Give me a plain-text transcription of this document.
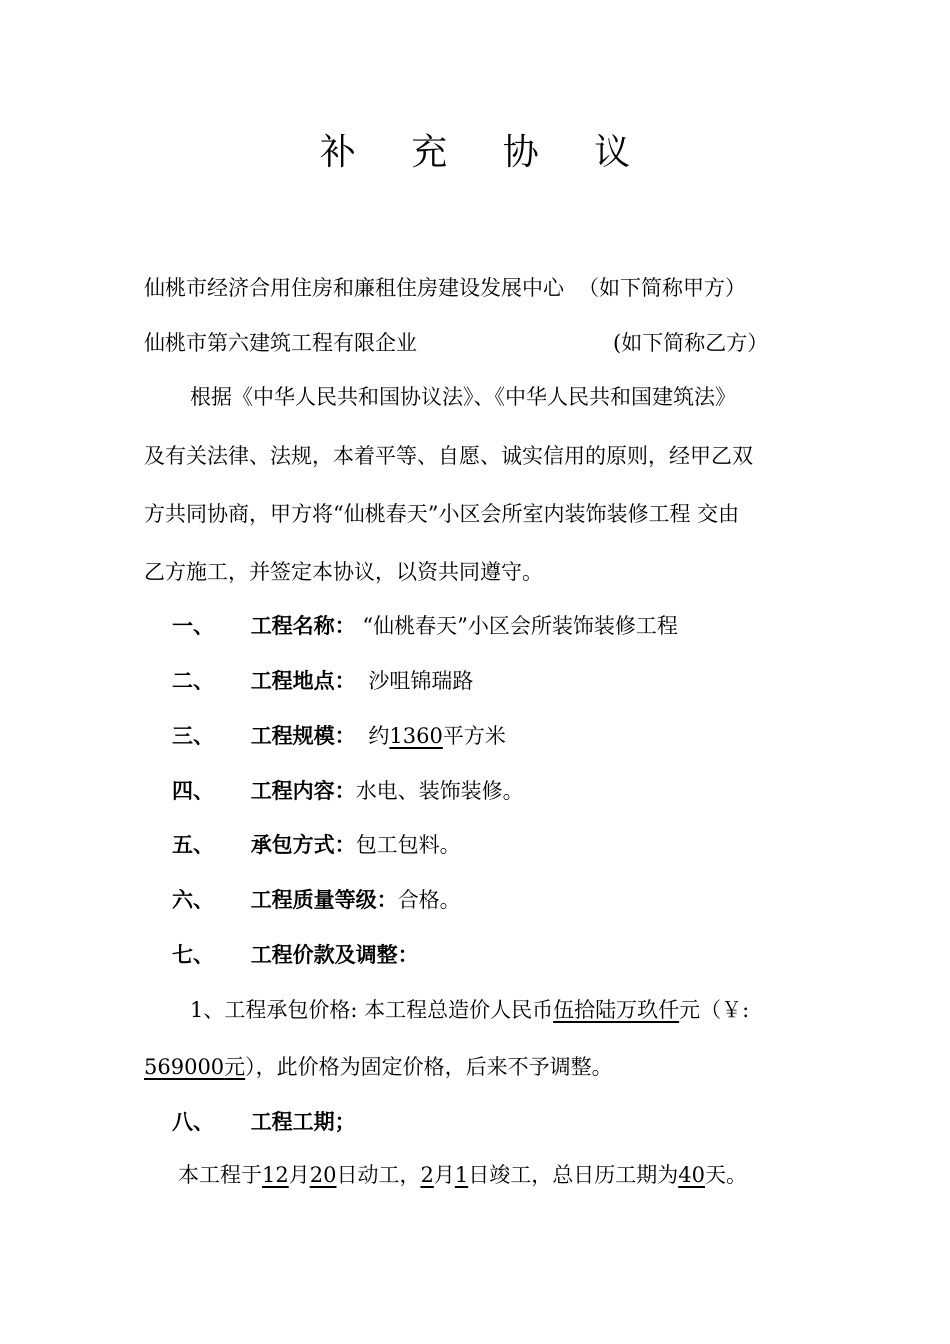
补 充 协 议
仙桃市经济合用住房和廉租住房建设发展中心 （如下简称甲方）
仙桃市第六建筑工程有限企业	(如下简称乙方）
根据《中华人民共和国协议法》、《中华人民共和国建筑法》
及有关法律、法规，本着平等、自愿、诚实信用的原则，经甲乙双
方共同协商，甲方将“仙桃春天”小区会所室内装饰装修工程 交由
乙方施工，并签定本协议，以资共同遵守。
一、 工程名称： “仙桃春天”小区会所装饰装修工程
二、 工程地点： 沙咀锦瑞路
三、 工程规模： 约1360平方米
四、 工程内容：水电、装饰装修。
五、 承包方式：包工包料。
六、 工程质量等级：合格。
七、 工程价款及调整：
1、工程承包价格: 本工程总造价人民币伍拾陆万玖仟元（￥:
569000元），此价格为固定价格，后来不予调整。
八、 工程工期；
本工程于12月20日动工，2月1日竣工，总日历工期为40天。
